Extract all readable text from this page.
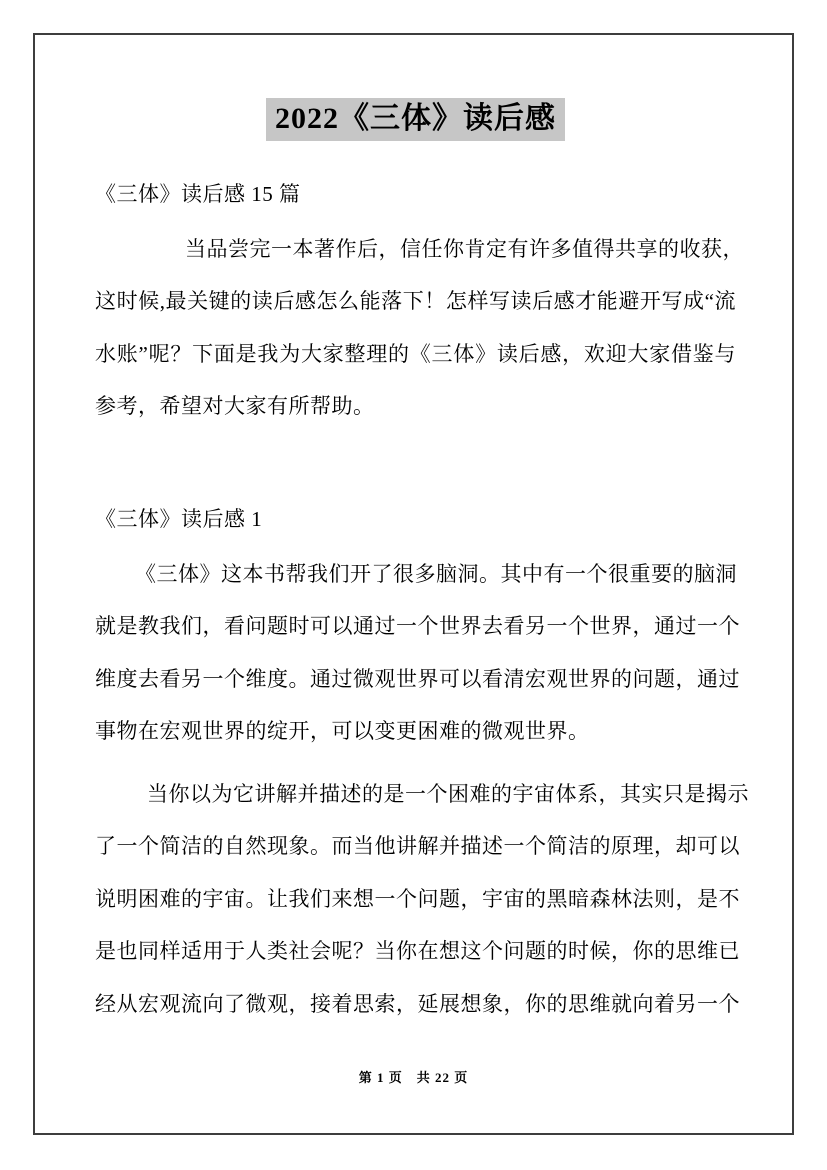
2022《三体》读后感
《三体》读后感 15 篇
当品尝完一本著作后，信任你肯定有许多值得共享的收获，
这时候,最关键的读后感怎么能落下！怎样写读后感才能避开写成“流
水账”呢？下面是我为大家整理的《三体》读后感，欢迎大家借鉴与
参考，希望对大家有所帮助。
《三体》读后感 1
《三体》这本书帮我们开了很多脑洞。其中有一个很重要的脑洞
就是教我们，看问题时可以通过一个世界去看另一个世界，通过一个
维度去看另一个维度。通过微观世界可以看清宏观世界的问题，通过
事物在宏观世界的绽开，可以变更困难的微观世界。
当你以为它讲解并描述的是一个困难的宇宙体系，其实只是揭示
了一个简洁的自然现象。而当他讲解并描述一个简洁的原理，却可以
说明困难的宇宙。让我们来想一个问题，宇宙的黑暗森林法则，是不
是也同样适用于人类社会呢？当你在想这个问题的时候，你的思维已
经从宏观流向了微观，接着思索，延展想象，你的思维就向着另一个
第 1 页 共 22 页
